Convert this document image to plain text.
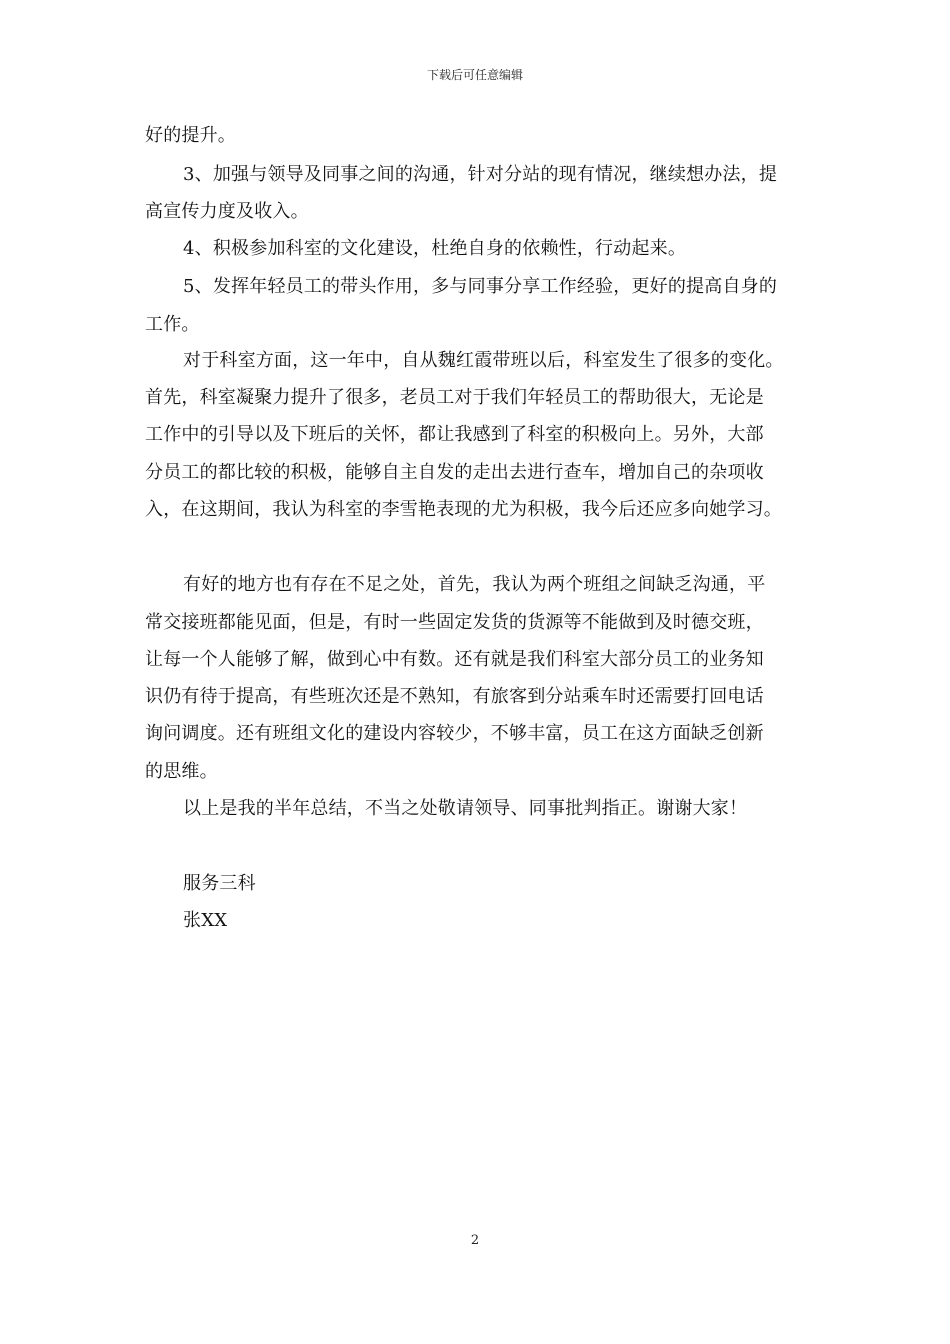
下载后可任意编辑
好的提升。
3、加强与领导及同事之间的沟通，针对分站的现有情况，继续想办法，提
高宣传力度及收入。
4、积极参加科室的文化建设，杜绝自身的依赖性，行动起来。
5、发挥年轻员工的带头作用，多与同事分享工作经验，更好的提高自身的
工作。
对于科室方面，这一年中，自从魏红霞带班以后，科室发生了很多的变化。
首先，科室凝聚力提升了很多，老员工对于我们年轻员工的帮助很大，无论是
工作中的引导以及下班后的关怀，都让我感到了科室的积极向上。另外，大部
分员工的都比较的积极，能够自主自发的走出去进行查车，增加自己的杂项收
入，在这期间，我认为科室的李雪艳表现的尤为积极，我今后还应多向她学习。
有好的地方也有存在不足之处，首先，我认为两个班组之间缺乏沟通，平
常交接班都能见面，但是，有时一些固定发货的货源等不能做到及时德交班，
让每一个人能够了解，做到心中有数。还有就是我们科室大部分员工的业务知
识仍有待于提高，有些班次还是不熟知，有旅客到分站乘车时还需要打回电话
询问调度。还有班组文化的建设内容较少，不够丰富，员工在这方面缺乏创新
的思维。
以上是我的半年总结，不当之处敬请领导、同事批判指正。谢谢大家！
服务三科
张XX
2
